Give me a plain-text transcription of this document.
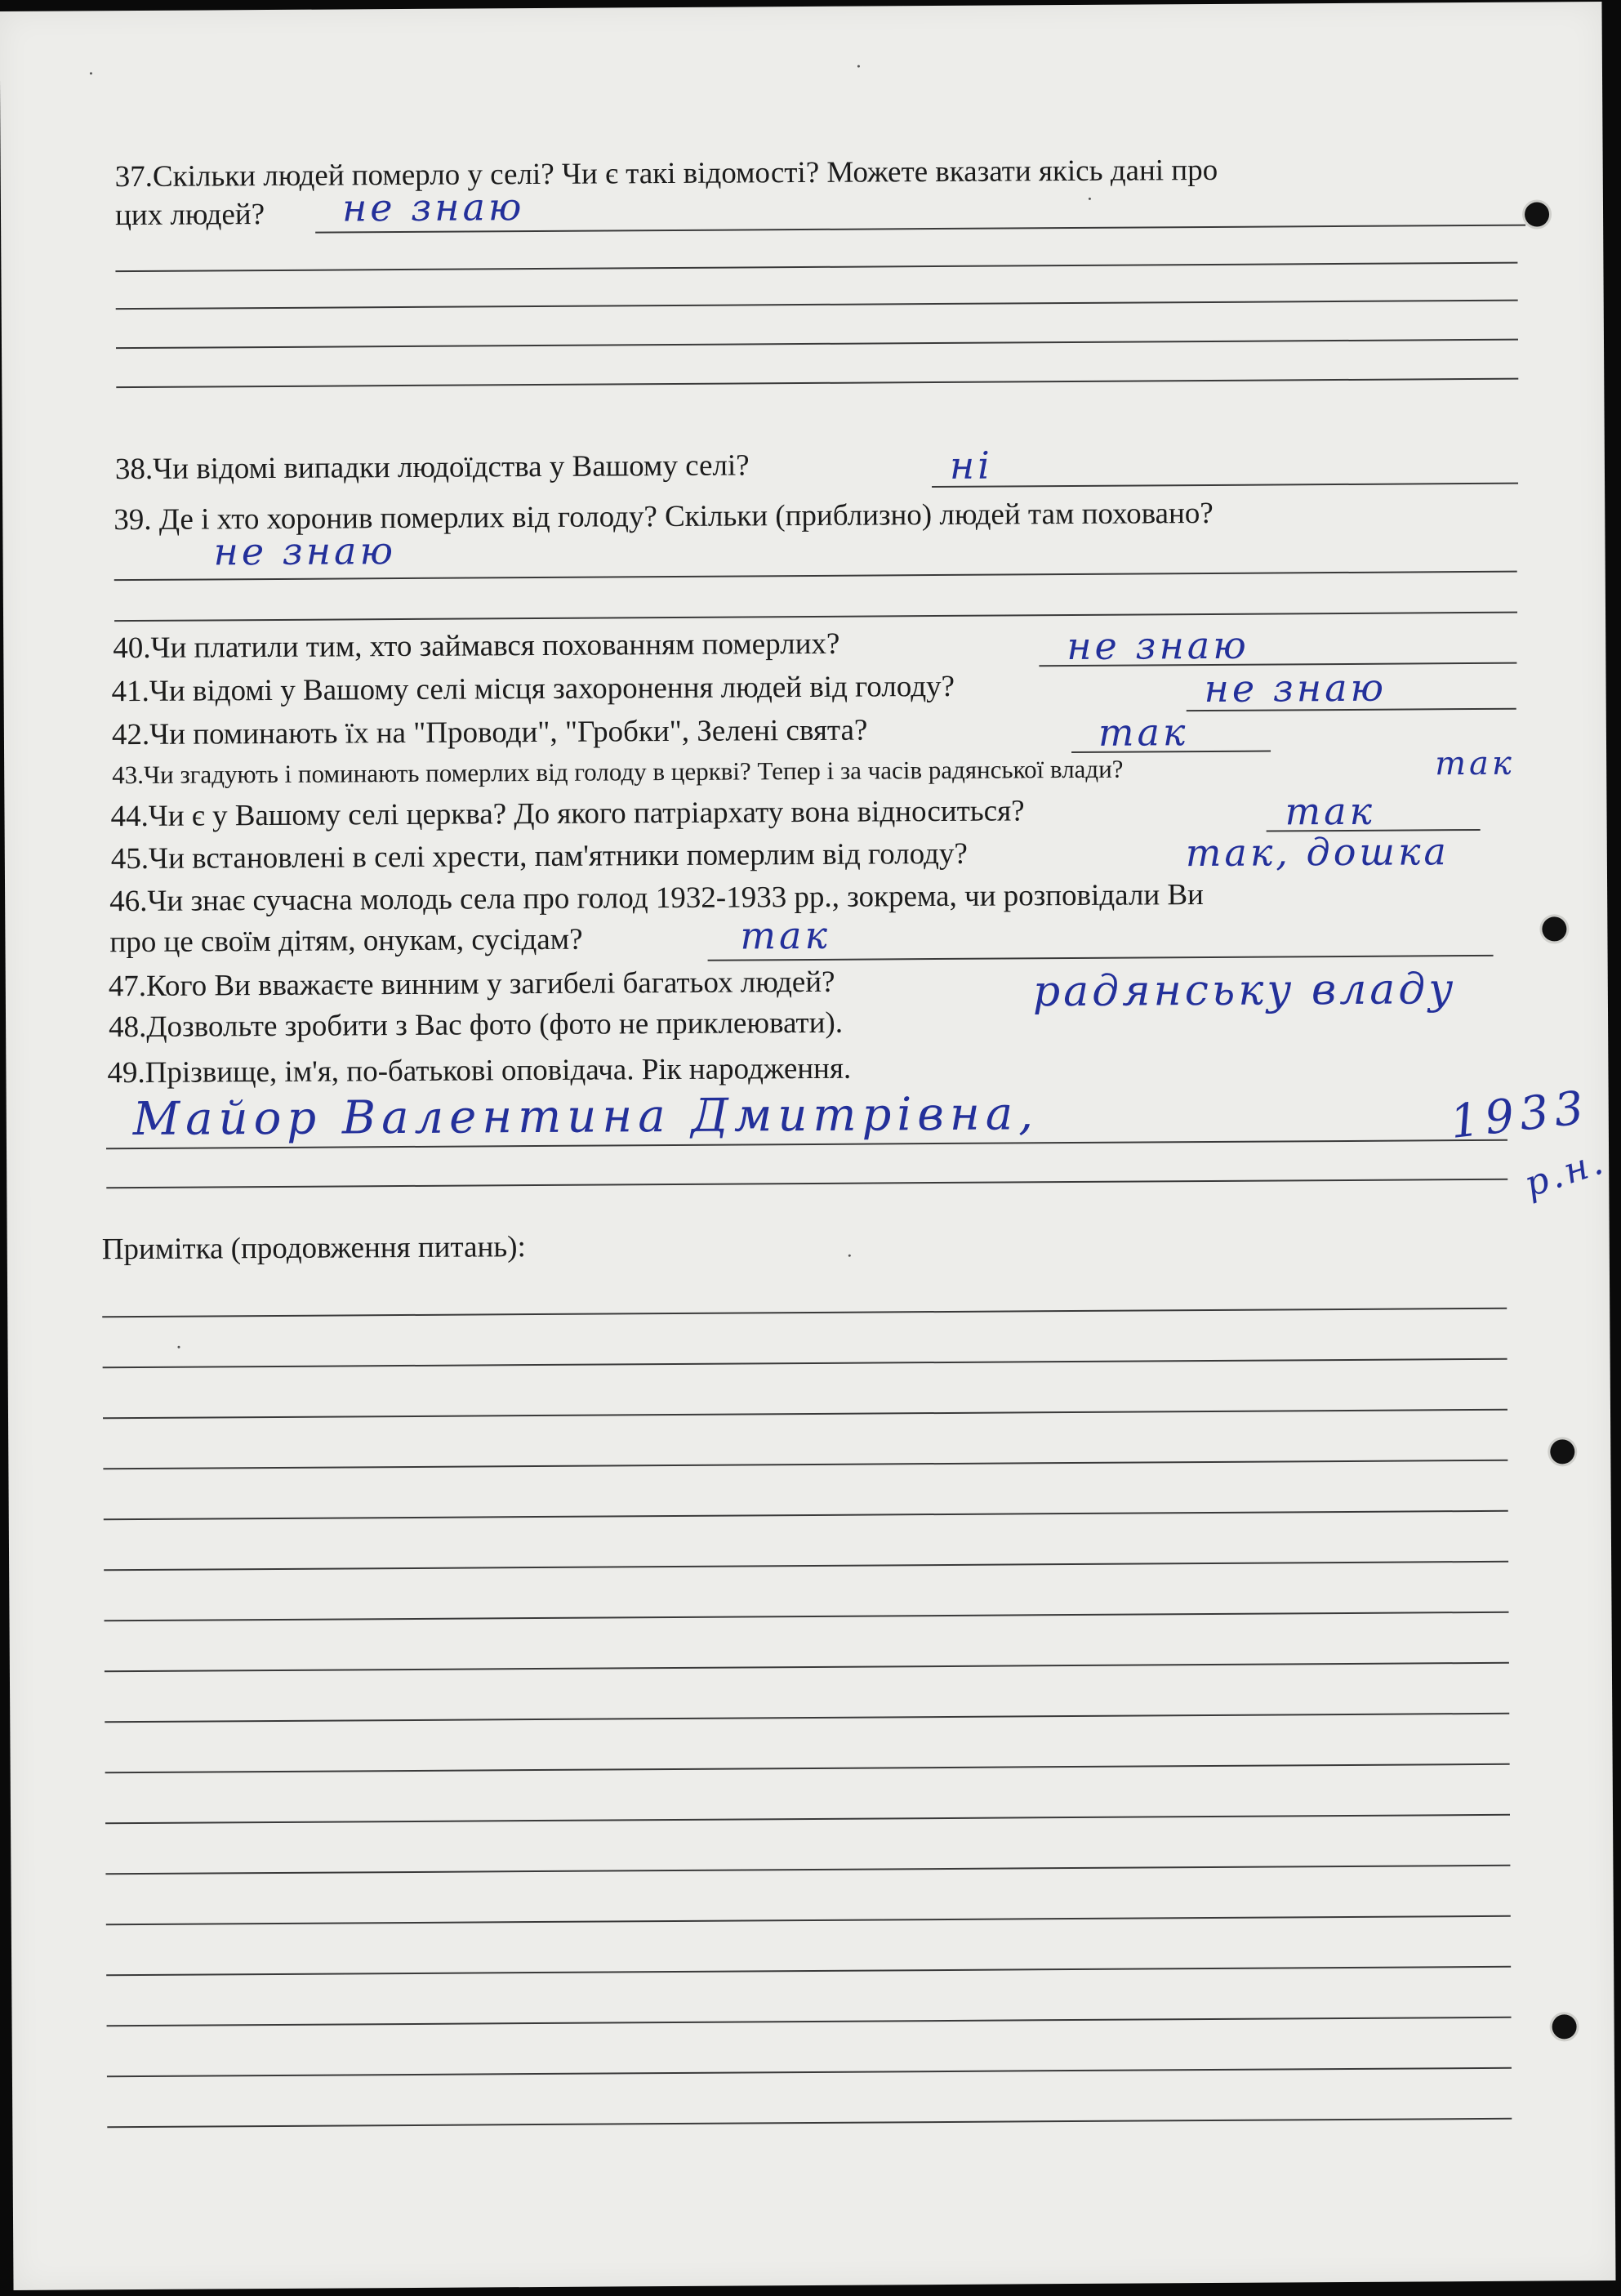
37.Скільки людей померло у селі? Чи є такі відомості? Можете вказати якісь дані про
цих людей? не знаю
38.Чи відомі випадки людоїдства у Вашому селі?	ні
39. Де і хто хоронив померлих від голоду? Скільки (приблизно) людей там поховано?
не знаю
40.Чи платили тим, хто займався похованням померлих?	не знаю
41.Чи відомі у Вашому селі місця захоронення людей від голоду?	не знаю
42.Чи поминають їх на "Проводи", "Гробки", Зелені свята?	так
43.Чи згадують і поминають померлих від голоду в церкві? Тепер і за часів радянської влади?	так
44.Чи є у Вашому селі церква? До якого патріархату вона відноситься?	так
45.Чи встановлені в селі хрести, пам'ятники померлим від голоду?	так, дошка
46.Чи знає сучасна молодь села про голод 1932-1933 рр., зокрема, чи розповідали Ви
про це своїм дітям, онукам, сусідам?	так
47.Кого Ви вважаєте винним у загибелі багатьох людей?	радянську владу
48.Дозвольте зробити з Вас фото (фото не приклеювати).
49.Прізвище, ім'я, по-батькові оповідача. Рік народження.
Майор Валентина Дмитрівна,	1933
р.н.
Примітка (продовження питань):
